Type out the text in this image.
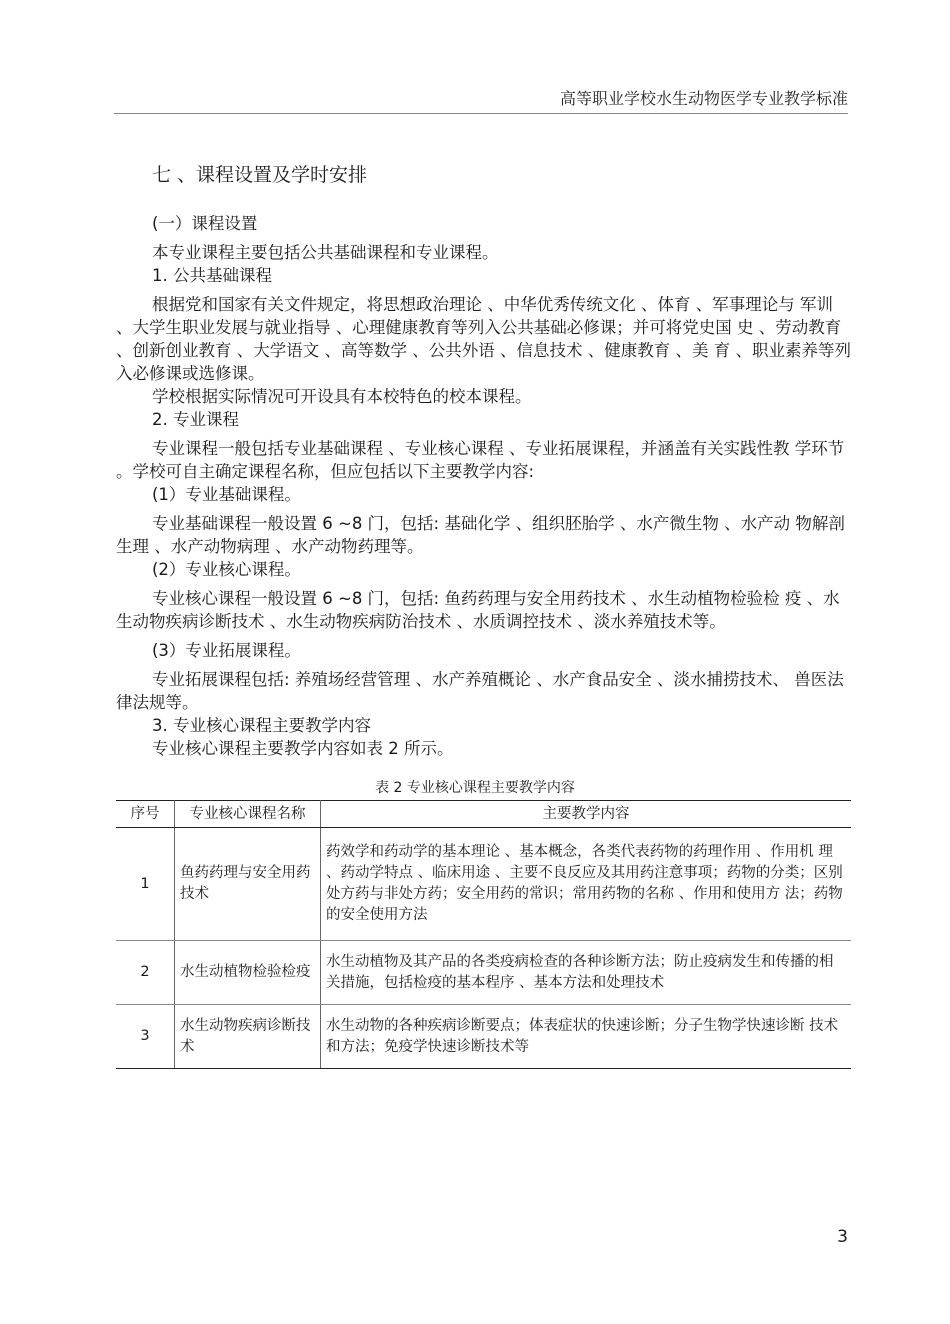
高等职业学校水生动物医学专业教学标准
七 、课程设置及学时安排
(一）课程设置

本专业课程主要包括公共基础课程和专业课程。

1. 公共基础课程

根据党和国家有关文件规定，将思想政治理论 、中华优秀传统文化 、体育 、军事理论与 军训 、大学生职业发展与就业指导 、心理健康教育等列入公共基础必修课；并可将党史国 史 、劳动教育 、创新创业教育 、大学语文 、高等数学 、公共外语 、信息技术 、健康教育 、美 育 、职业素养等列入必修课或选修课。

学校根据实际情况可开设具有本校特色的校本课程。

2. 专业课程

专业课程一般包括专业基础课程 、专业核心课程 、专业拓展课程，并涵盖有关实践性教 学环节 。学校可自主确定课程名称，但应包括以下主要教学内容:

(1）专业基础课程。

专业基础课程一般设置 6 ~8 门，包括: 基础化学 、组织胚胎学 、水产微生物 、水产动 物解剖生理 、水产动物病理 、水产动物药理等。

(2）专业核心课程。

专业核心课程一般设置 6 ~8 门，包括: 鱼药药理与安全用药技术 、水生动植物检验检 疫 、水生动物疾病诊断技术 、水生动物疾病防治技术 、水质调控技术 、淡水养殖技术等。

(3）专业拓展课程。

专业拓展课程包括: 养殖场经营管理 、水产养殖概论 、水产食品安全 、淡水捕捞技术、 兽医法律法规等。

3. 专业核心课程主要教学内容

专业核心课程主要教学内容如表 2 所示。

表 2 专业核心课程主要教学内容
序号	专业核心课程名称	主要教学内容
1	鱼药药理与安全用药技术	药效学和药动学的基本理论 、基本概念，各类代表药物的药理作用 、作用机 理 、药动学特点 、临床用途 、主要不良反应及其用药注意事项；药物的分类；区别处方药与非处方药；安全用药的常识；常用药物的名称 、作用和使用方 法；药物的安全使用方法
2	水生动植物检验检疫	水生动植物及其产品的各类疫病检查的各种诊断方法；防止疫病发生和传播的相关措施，包括检疫的基本程序 、基本方法和处理技术
3	水生动物疾病诊断技术	水生动物的各种疾病诊断要点；体表症状的快速诊断；分子生物学快速诊断 技术和方法；免疫学快速诊断技术等
3
